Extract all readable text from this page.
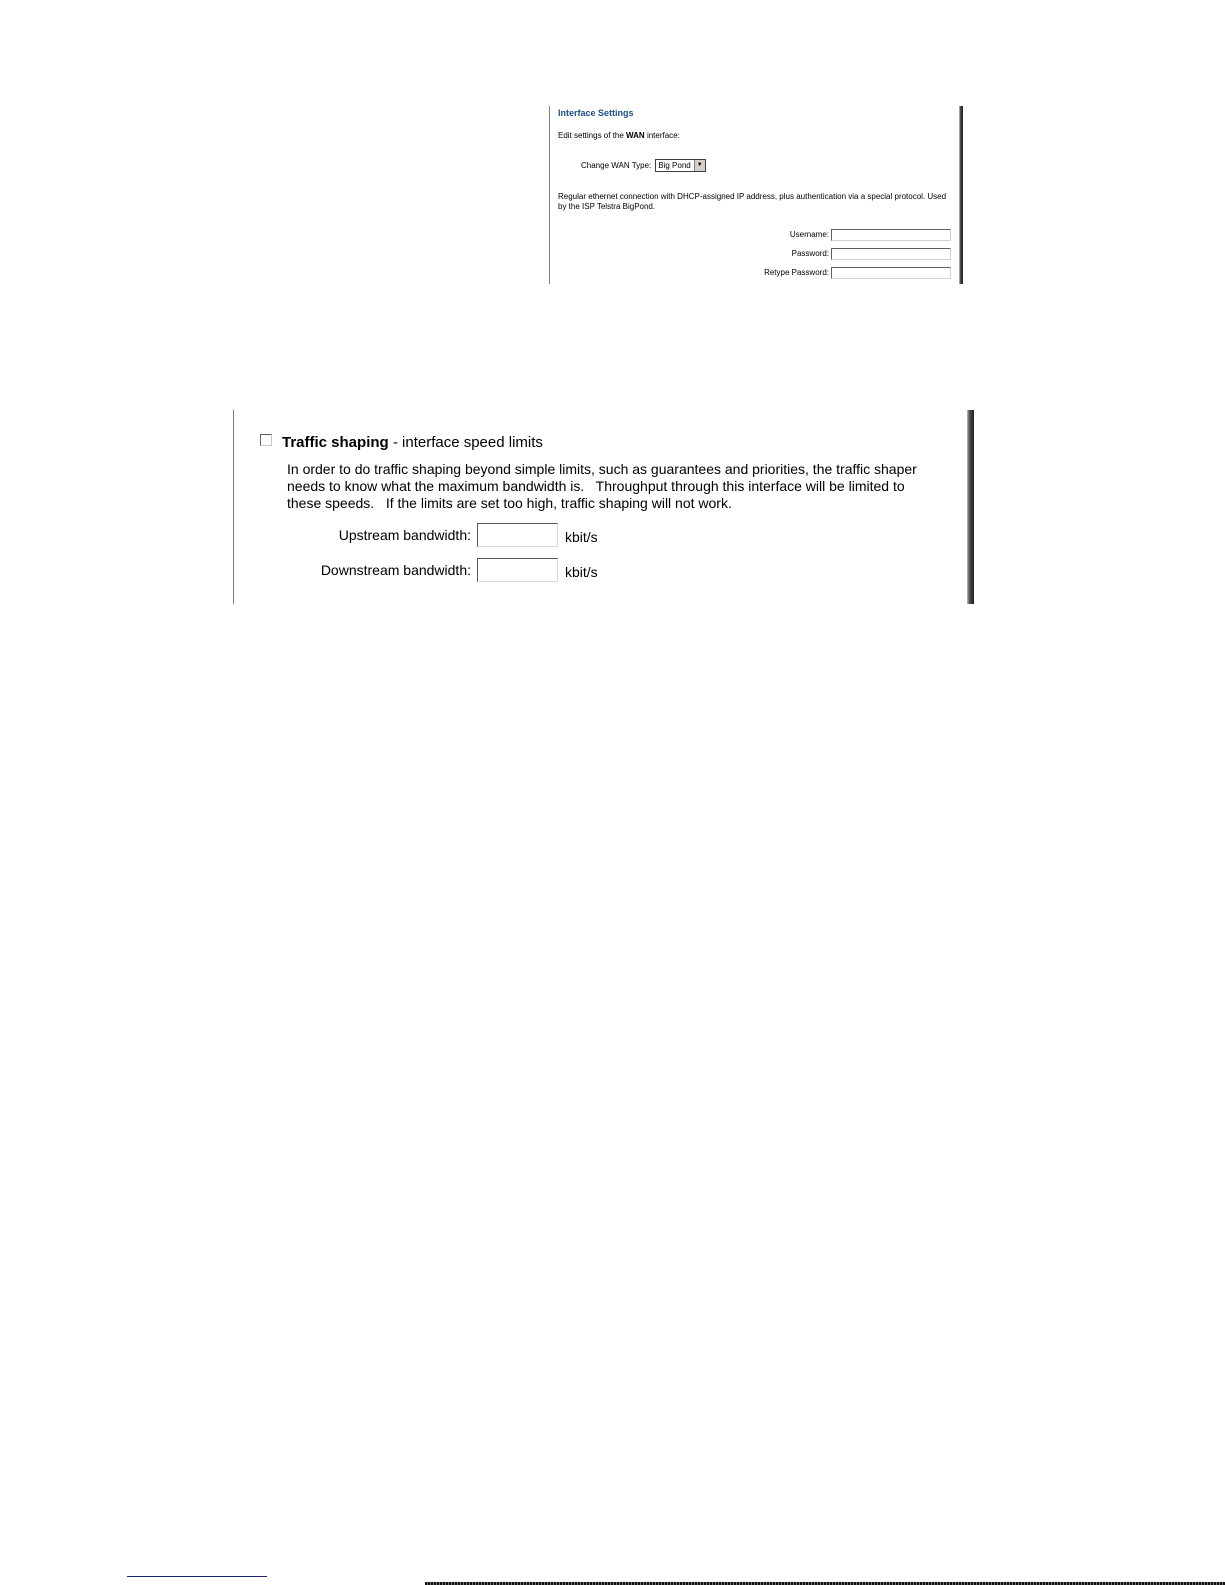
Interface Settings
Edit settings of the WAN interface:
Change WAN Type: Big Pond	▼
Regular ethernet connection with DHCP-assigned IP address, plus authentication via a special protocol. Used by the ISP Telstra BigPond.
Username:
Password:
Retype Password:
Traffic shaping - interface speed limits
In order to do traffic shaping beyond simple limits, such as guarantees and priorities, the traffic shaper needs to know what the maximum bandwidth is.   Throughput through this interface will be limited to these speeds.   If the limits are set too high, traffic shaping will not work.
Upstream bandwidth:	kbit/s
Downstream bandwidth:	kbit/s
